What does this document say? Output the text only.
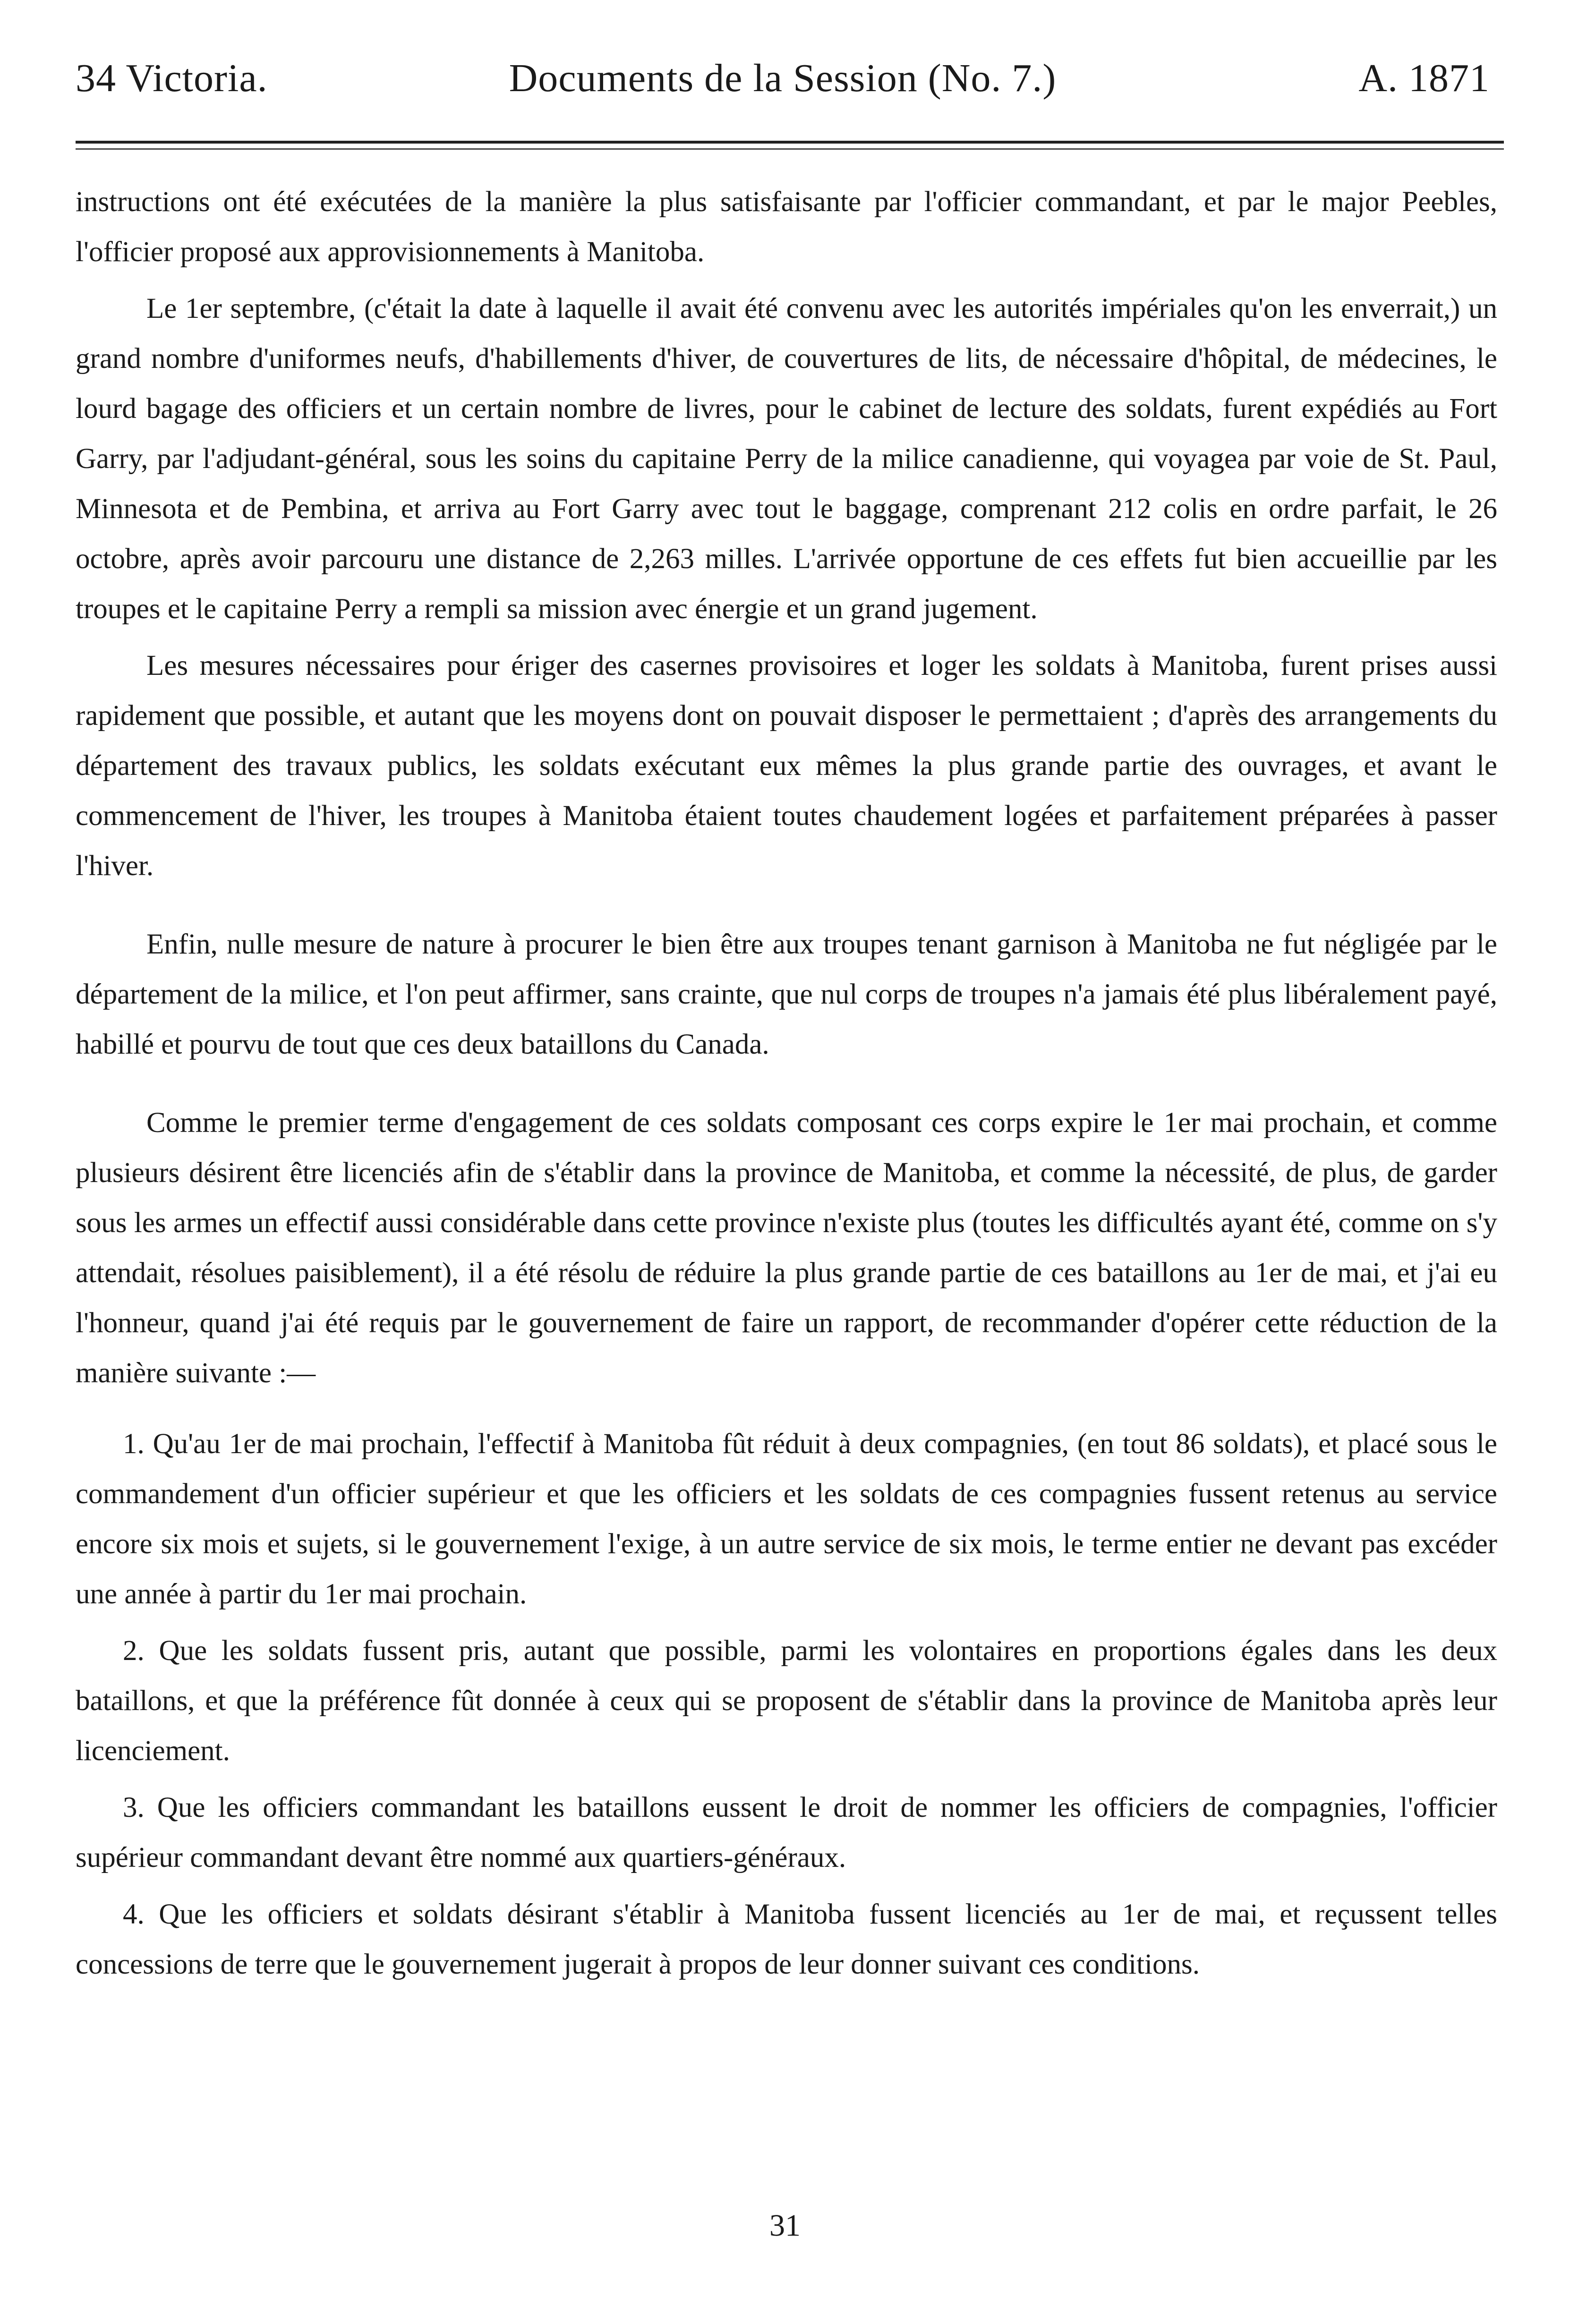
34 Victoria.	Documents de la Session (No. 7.)	A. 1871

instructions ont été exécutées de la manière la plus satisfaisante par l'officier commandant, et par le major Peebles, l'officier proposé aux approvisionnements à Manitoba.

Le 1er septembre, (c'était la date à laquelle il avait été convenu avec les autorités impériales qu'on les enverrait,) un grand nombre d'uniformes neufs, d'habillements d'hiver, de couvertures de lits, de nécessaire d'hôpital, de médecines, le lourd bagage des officiers et un certain nombre de livres, pour le cabinet de lecture des soldats, furent expédiés au Fort Garry, par l'adjudant-général, sous les soins du capitaine Perry de la milice canadienne, qui voyagea par voie de St. Paul, Minnesota et de Pembina, et arriva au Fort Garry avec tout le baggage, comprenant 212 colis en ordre parfait, le 26 octobre, après avoir parcouru une distance de 2,263 milles. L'arrivée opportune de ces effets fut bien accueillie par les troupes et le capitaine Perry a rempli sa mission avec énergie et un grand jugement.

Les mesures nécessaires pour ériger des casernes provisoires et loger les soldats à Manitoba, furent prises aussi rapidement que possible, et autant que les moyens dont on pouvait disposer le permettaient ; d'après des arrangements du département des travaux publics, les soldats exécutant eux mêmes la plus grande partie des ouvrages, et avant le commencement de l'hiver, les troupes à Manitoba étaient toutes chaudement logées et parfaitement préparées à passer l'hiver.

Enfin, nulle mesure de nature à procurer le bien être aux troupes tenant garnison à Manitoba ne fut négligée par le département de la milice, et l'on peut affirmer, sans crainte, que nul corps de troupes n'a jamais été plus libéralement payé, habillé et pourvu de tout que ces deux bataillons du Canada.

Comme le premier terme d'engagement de ces soldats composant ces corps expire le 1er mai prochain, et comme plusieurs désirent être licenciés afin de s'établir dans la province de Manitoba, et comme la nécessité, de plus, de garder sous les armes un effectif aussi considérable dans cette province n'existe plus (toutes les difficultés ayant été, comme on s'y attendait, résolues paisiblement), il a été résolu de réduire la plus grande partie de ces bataillons au 1er de mai, et j'ai eu l'honneur, quand j'ai été requis par le gouvernement de faire un rapport, de recommander d'opérer cette réduction de la manière suivante :—

1. Qu'au 1er de mai prochain, l'effectif à Manitoba fût réduit à deux compagnies, (en tout 86 soldats), et placé sous le commandement d'un officier supérieur et que les officiers et les soldats de ces compagnies fussent retenus au service encore six mois et sujets, si le gouvernement l'exige, à un autre service de six mois, le terme entier ne devant pas excéder une année à partir du 1er mai prochain.

2. Que les soldats fussent pris, autant que possible, parmi les volontaires en proportions égales dans les deux bataillons, et que la préférence fût donnée à ceux qui se proposent de s'établir dans la province de Manitoba après leur licenciement.

3. Que les officiers commandant les bataillons eussent le droit de nommer les officiers de compagnies, l'officier supérieur commandant devant être nommé aux quartiers-généraux.

4. Que les officiers et soldats désirant s'établir à Manitoba fussent licenciés au 1er de mai, et reçussent telles concessions de terre que le gouvernement jugerait à propos de leur donner suivant ces conditions.

31
